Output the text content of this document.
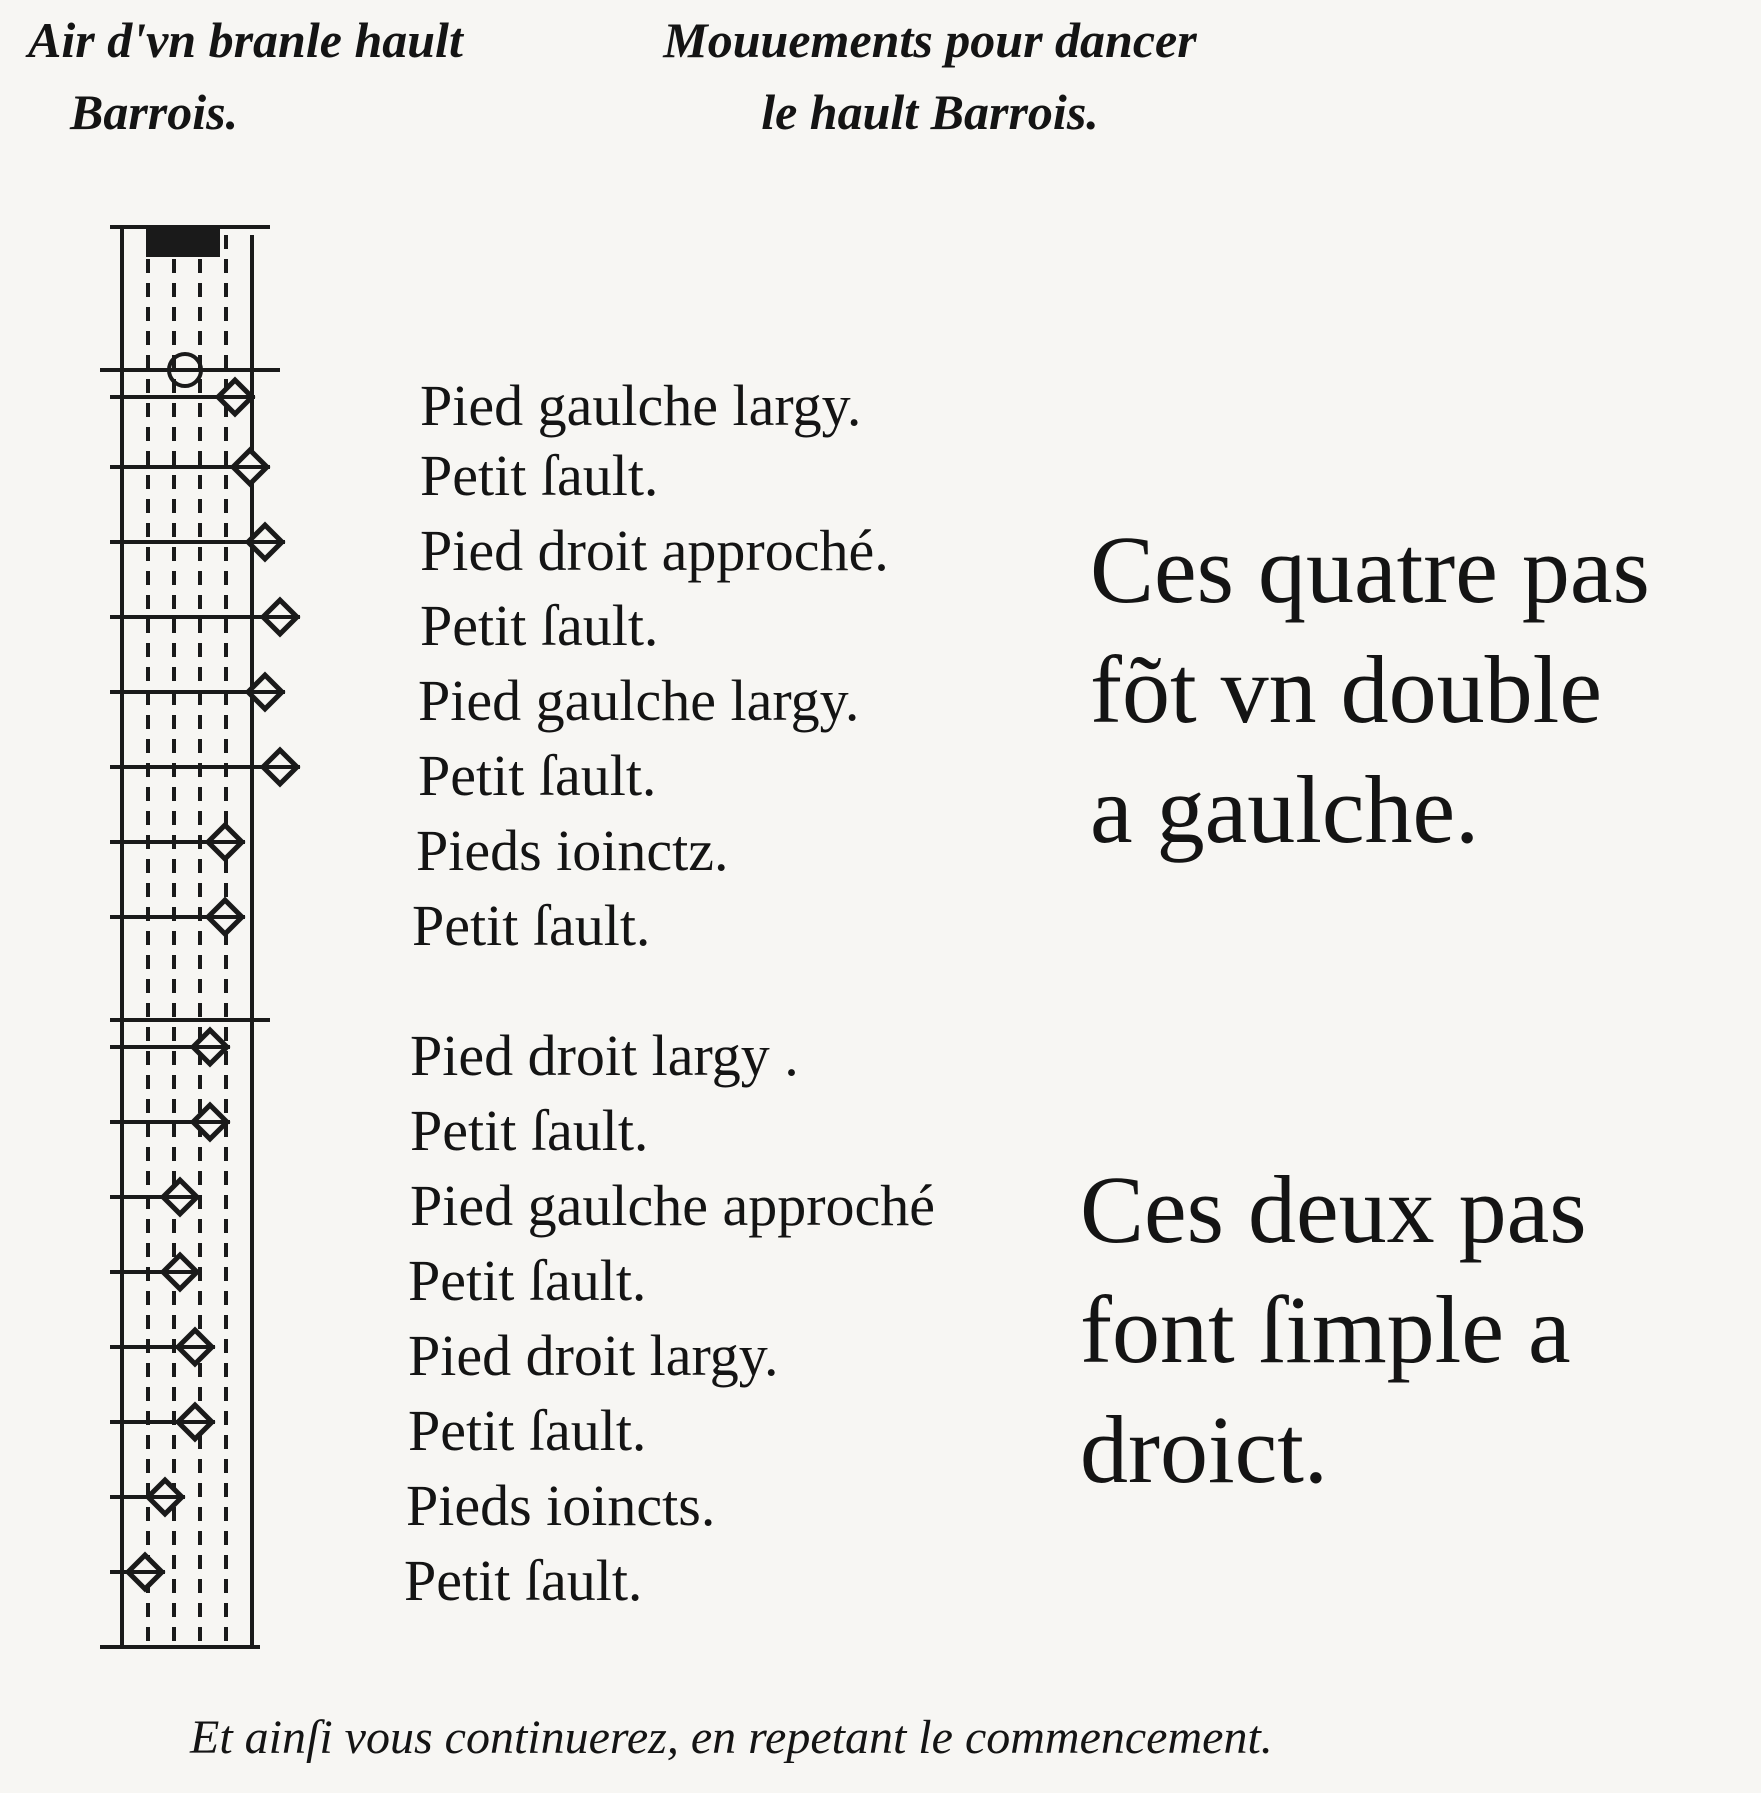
Air d'vn branle hault
Barrois.
Mouuements pour dancer
le hault Barrois.
Pied gaulche largy.
Petit ſault.
Pied droit approché.
Petit ſault.
Pied gaulche largy.
Petit ſault.
Pieds ioinctz.
Petit ſault.
Pied droit largy .
Petit ſault.
Pied gaulche approché
Petit ſault.
Pied droit largy.
Petit ſault.
Pieds ioincts.
Petit ſault.
Ces quatre pas
fõt vn double
a gaulche.
Ces deux pas
font ſimple a
droict.
Et ainſi vous continuerez, en repetant le commencement.
